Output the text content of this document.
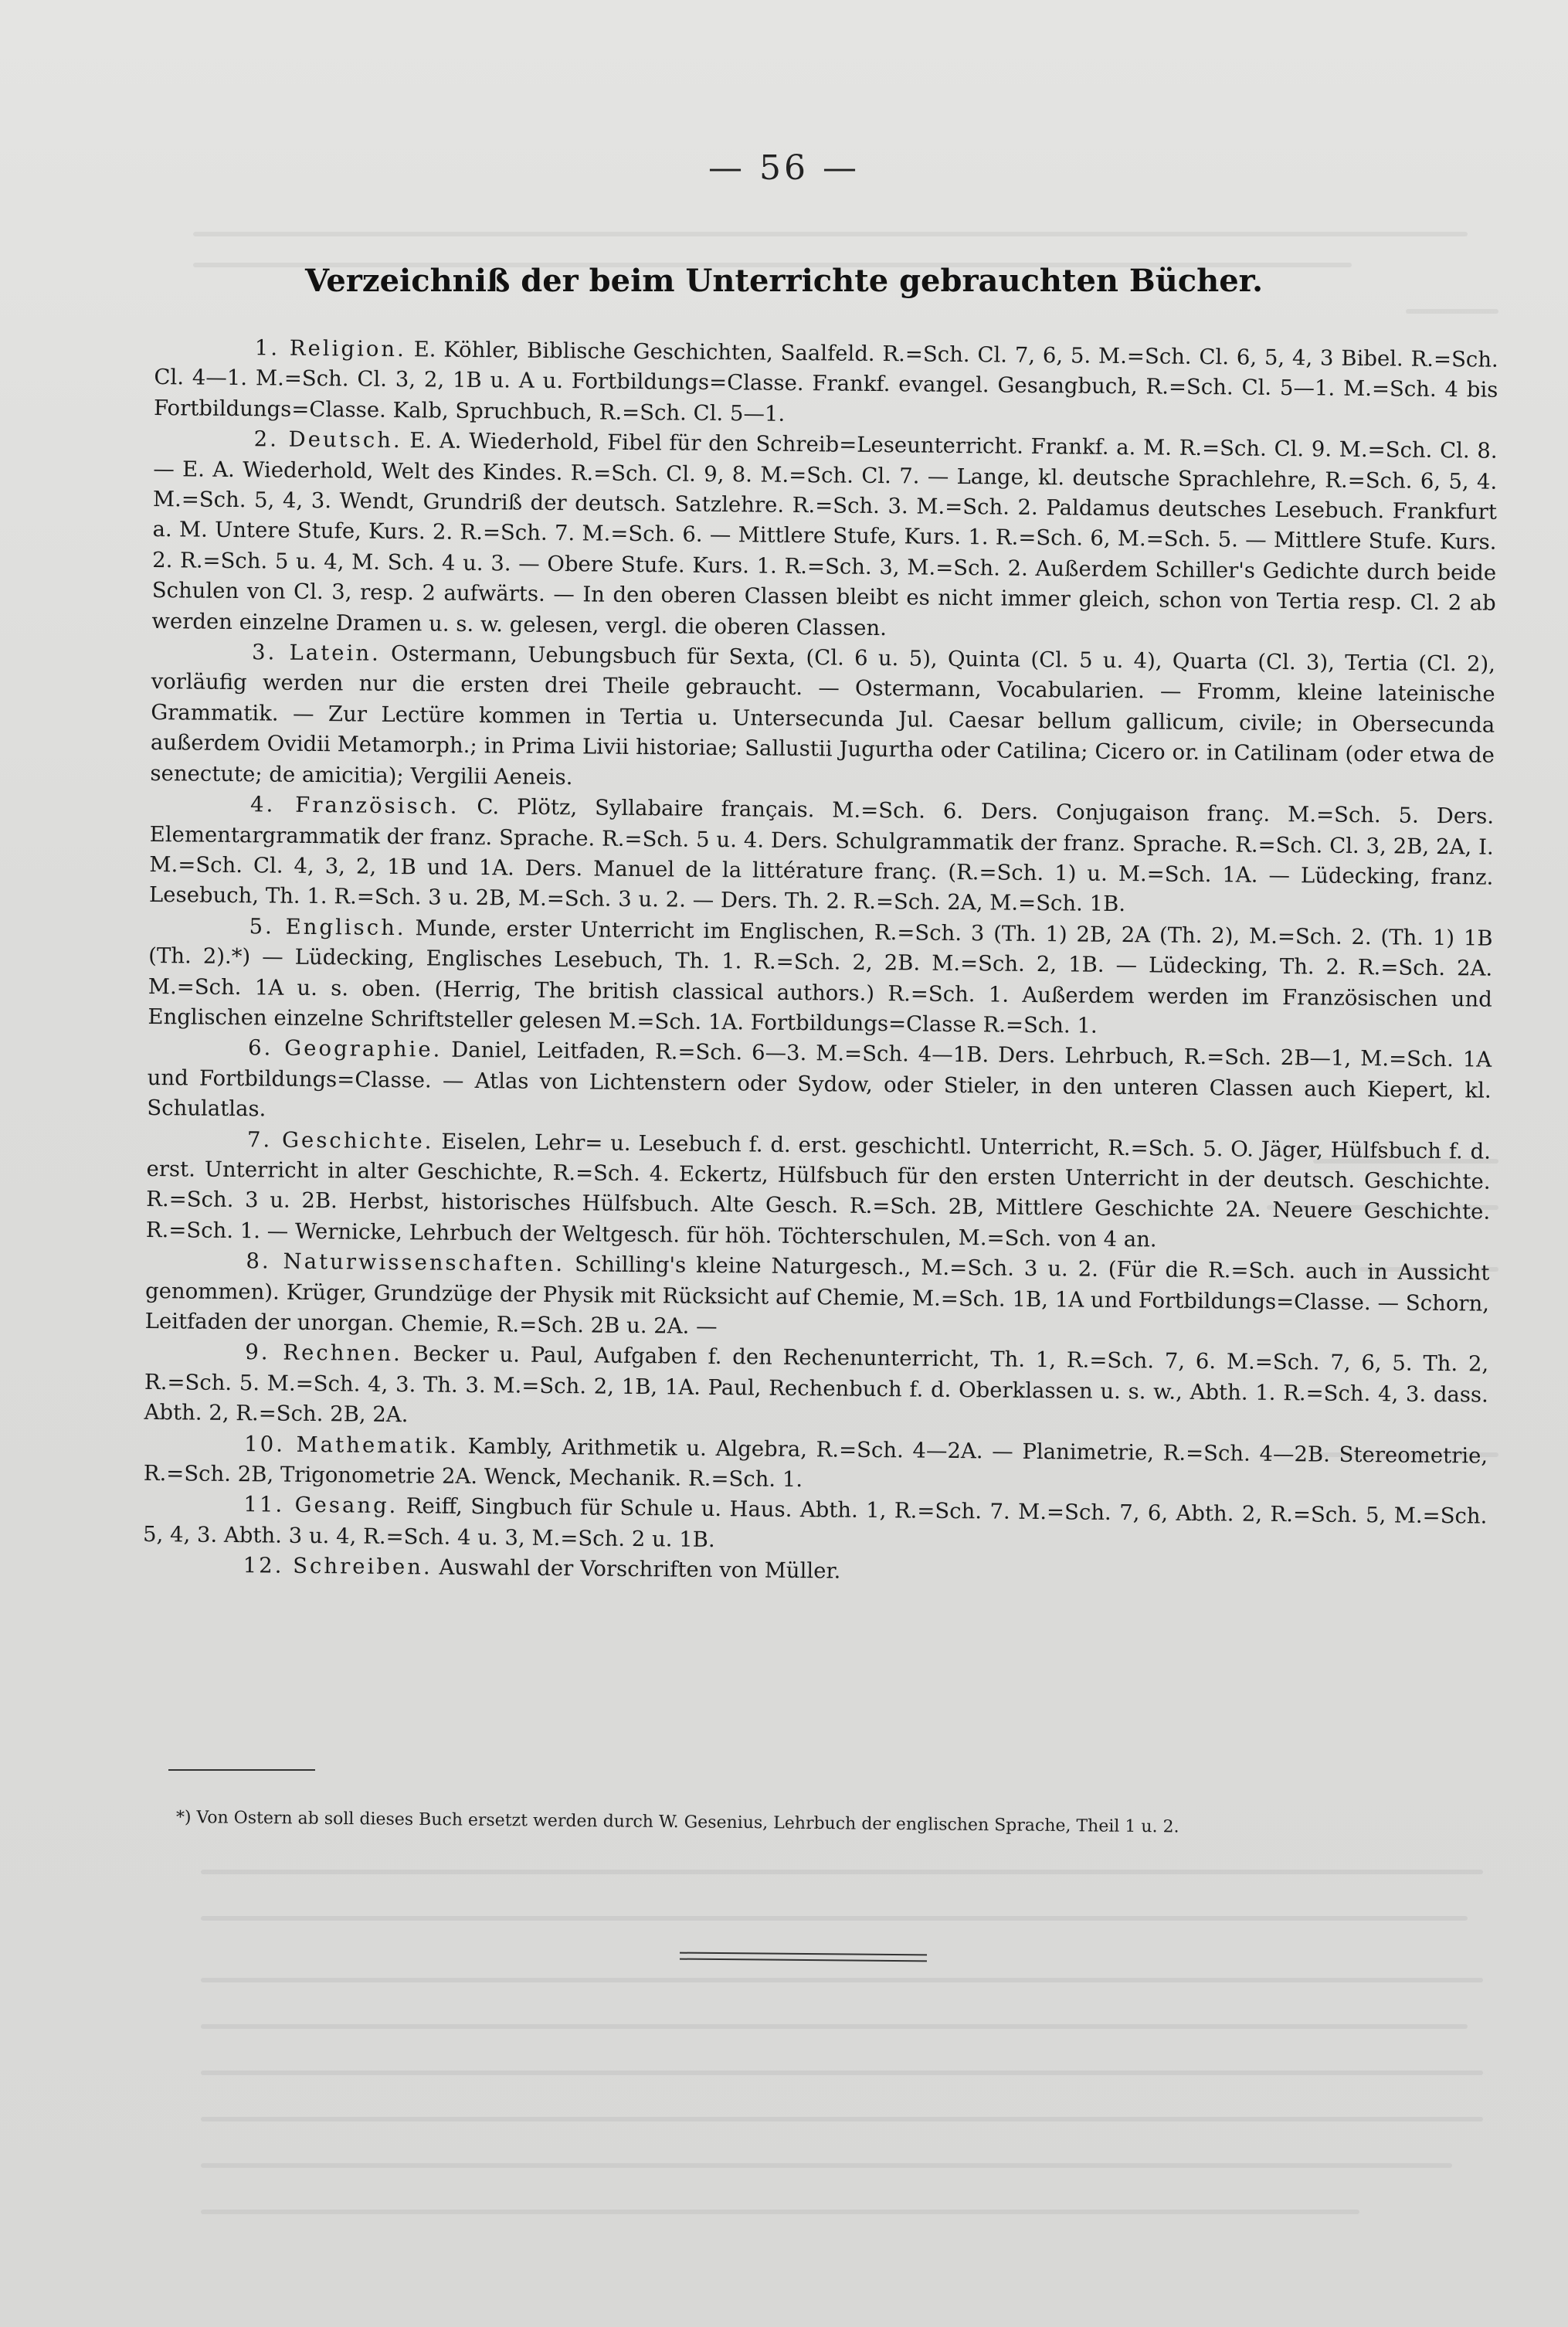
— 56 —
Verzeichniß der beim Unterrichte gebrauchten Bücher.

1. Religion. E. Köhler, Biblische Geschichten, Saalfeld. R.=Sch. Cl. 7, 6, 5. M.=Sch. Cl. 6, 5, 4, 3 Bibel. R.=Sch. Cl. 4—1. M.=Sch. Cl. 3, 2, 1B u. A u. Fortbildungs=Classe. Frankf. evangel. Gesangbuch, R.=Sch. Cl. 5—1. M.=Sch. 4 bis Fortbildungs=Classe. Kalb, Spruchbuch, R.=Sch. Cl. 5—1.

2. Deutsch. E. A. Wiederhold, Fibel für den Schreib=Leseunterricht. Frankf. a. M. R.=Sch. Cl. 9. M.=Sch. Cl. 8. — E. A. Wiederhold, Welt des Kindes. R.=Sch. Cl. 9, 8. M.=Sch. Cl. 7. — Lange, kl. deutsche Sprachlehre, R.=Sch. 6, 5, 4. M.=Sch. 5, 4, 3. Wendt, Grundriß der deutsch. Satzlehre. R.=Sch. 3. M.=Sch. 2. Paldamus deutsches Lesebuch. Frankfurt a. M. Untere Stufe, Kurs. 2. R.=Sch. 7. M.=Sch. 6. — Mittlere Stufe, Kurs. 1. R.=Sch. 6, M.=Sch. 5. — Mittlere Stufe. Kurs. 2. R.=Sch. 5 u. 4, M. Sch. 4 u. 3. — Obere Stufe. Kurs. 1. R.=Sch. 3, M.=Sch. 2. Außerdem Schiller's Gedichte durch beide Schulen von Cl. 3, resp. 2 aufwärts. — In den oberen Classen bleibt es nicht immer gleich, schon von Tertia resp. Cl. 2 ab werden einzelne Dramen u. s. w. gelesen, vergl. die oberen Classen.

3. Latein. Ostermann, Uebungsbuch für Sexta, (Cl. 6 u. 5), Quinta (Cl. 5 u. 4), Quarta (Cl. 3), Tertia (Cl. 2), vorläufig werden nur die ersten drei Theile gebraucht. — Ostermann, Vocabularien. — Fromm, kleine lateinische Grammatik. — Zur Lectüre kommen in Tertia u. Untersecunda Jul. Caesar bellum gallicum, civile; in Obersecunda außerdem Ovidii Metamorph.; in Prima Livii historiae; Sallustii Jugurtha oder Catilina; Cicero or. in Catilinam (oder etwa de senectute; de amicitia); Vergilii Aeneis.

4. Französisch. C. Plötz, Syllabaire français. M.=Sch. 6. Ders. Conjugaison franç. M.=Sch. 5. Ders. Elementargrammatik der franz. Sprache. R.=Sch. 5 u. 4. Ders. Schulgrammatik der franz. Sprache. R.=Sch. Cl. 3, 2B, 2A, I. M.=Sch. Cl. 4, 3, 2, 1B und 1A. Ders. Manuel de la littérature franç. (R.=Sch. 1) u. M.=Sch. 1A. — Lüdecking, franz. Lesebuch, Th. 1. R.=Sch. 3 u. 2B, M.=Sch. 3 u. 2. — Ders. Th. 2. R.=Sch. 2A, M.=Sch. 1B.

5. Englisch. Munde, erster Unterricht im Englischen, R.=Sch. 3 (Th. 1) 2B, 2A (Th. 2), M.=Sch. 2. (Th. 1) 1B (Th. 2).*) — Lüdecking, Englisches Lesebuch, Th. 1. R.=Sch. 2, 2B. M.=Sch. 2, 1B. — Lüdecking, Th. 2. R.=Sch. 2A. M.=Sch. 1A u. s. oben. (Herrig, The british classical authors.) R.=Sch. 1. Außerdem werden im Französischen und Englischen einzelne Schriftsteller gelesen M.=Sch. 1A. Fortbildungs=Classe R.=Sch. 1.

6. Geographie. Daniel, Leitfaden, R.=Sch. 6—3. M.=Sch. 4—1B. Ders. Lehrbuch, R.=Sch. 2B—1, M.=Sch. 1A und Fortbildungs=Classe. — Atlas von Lichtenstern oder Sydow, oder Stieler, in den unteren Classen auch Kiepert, kl. Schulatlas.

7. Geschichte. Eiselen, Lehr= u. Lesebuch f. d. erst. geschichtl. Unterricht, R.=Sch. 5. O. Jäger, Hülfsbuch f. d. erst. Unterricht in alter Geschichte, R.=Sch. 4. Eckertz, Hülfsbuch für den ersten Unterricht in der deutsch. Geschichte. R.=Sch. 3 u. 2B. Herbst, historisches Hülfsbuch. Alte Gesch. R.=Sch. 2B, Mittlere Geschichte 2A. Neuere Geschichte. R.=Sch. 1. — Wernicke, Lehrbuch der Weltgesch. für höh. Töchterschulen, M.=Sch. von 4 an.

8. Naturwissenschaften. Schilling's kleine Naturgesch., M.=Sch. 3 u. 2. (Für die R.=Sch. auch in Aussicht genommen). Krüger, Grundzüge der Physik mit Rücksicht auf Chemie, M.=Sch. 1B, 1A und Fortbildungs=Classe. — Schorn, Leitfaden der unorgan. Chemie, R.=Sch. 2B u. 2A. —

9. Rechnen. Becker u. Paul, Aufgaben f. den Rechenunterricht, Th. 1, R.=Sch. 7, 6. M.=Sch. 7, 6, 5. Th. 2, R.=Sch. 5. M.=Sch. 4, 3. Th. 3. M.=Sch. 2, 1B, 1A. Paul, Rechenbuch f. d. Oberklassen u. s. w., Abth. 1. R.=Sch. 4, 3. dass. Abth. 2, R.=Sch. 2B, 2A.

10. Mathematik. Kambly, Arithmetik u. Algebra, R.=Sch. 4—2A. — Planimetrie, R.=Sch. 4—2B. Stereometrie, R.=Sch. 2B, Trigonometrie 2A. Wenck, Mechanik. R.=Sch. 1.

11. Gesang. Reiff, Singbuch für Schule u. Haus. Abth. 1, R.=Sch. 7. M.=Sch. 7, 6, Abth. 2, R.=Sch. 5, M.=Sch. 5, 4, 3. Abth. 3 u. 4, R.=Sch. 4 u. 3, M.=Sch. 2 u. 1B.

12. Schreiben. Auswahl der Vorschriften von Müller.

*) Von Ostern ab soll dieses Buch ersetzt werden durch W. Gesenius, Lehrbuch der englischen Sprache, Theil 1 u. 2.
